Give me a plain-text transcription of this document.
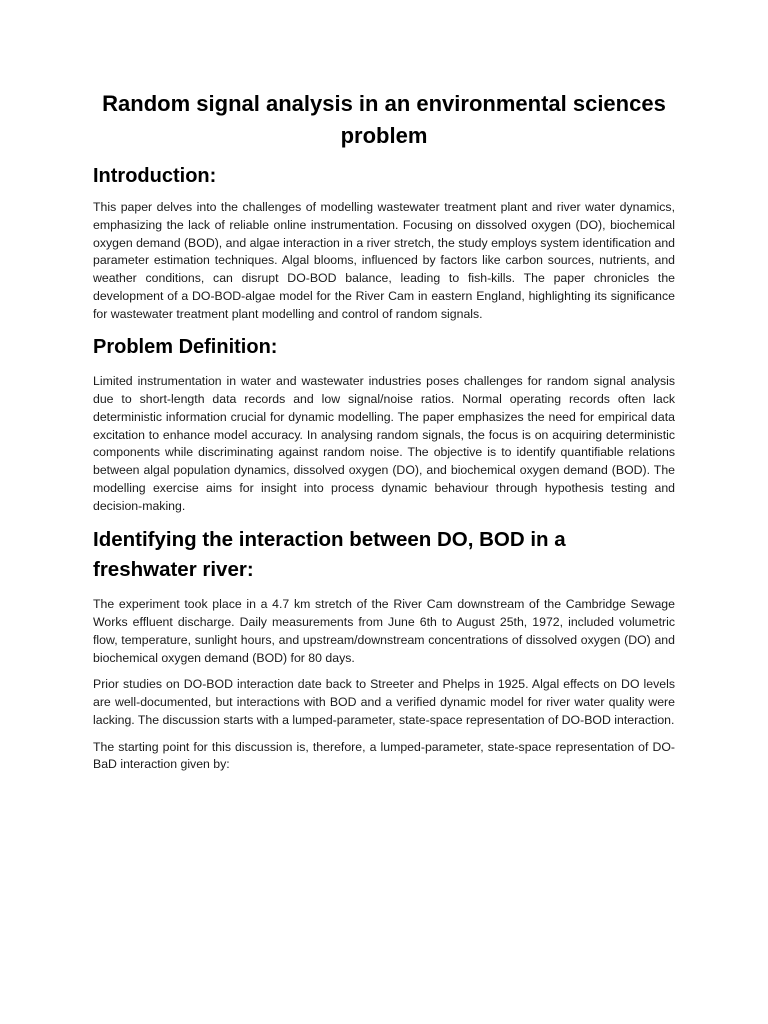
Random signal analysis in an environmental sciences problem
Introduction:

This paper delves into the challenges of modelling wastewater treatment plant and river water dynamics, emphasizing the lack of reliable online instrumentation. Focusing on dissolved oxygen (DO), biochemical oxygen demand (BOD), and algae interaction in a river stretch, the study employs system identification and parameter estimation techniques. Algal blooms, influenced by factors like carbon sources, nutrients, and weather conditions, can disrupt DO-BOD balance, leading to fish-kills. The paper chronicles the development of a DO-BOD-algae model for the River Cam in eastern England, highlighting its significance for wastewater treatment plant modelling and control of random signals.

Problem Definition:

Limited instrumentation in water and wastewater industries poses challenges for random signal analysis due to short-length data records and low signal/noise ratios. Normal operating records often lack deterministic information crucial for dynamic modelling. The paper emphasizes the need for empirical data excitation to enhance model accuracy. In analysing random signals, the focus is on acquiring deterministic components while discriminating against random noise. The objective is to identify quantifiable relations between algal population dynamics, dissolved oxygen (DO), and biochemical oxygen demand (BOD). The modelling exercise aims for insight into process dynamic behaviour through hypothesis testing and decision-making.

Identifying the interaction between DO, BOD in a freshwater river:

The experiment took place in a 4.7 km stretch of the River Cam downstream of the Cambridge Sewage Works effluent discharge. Daily measurements from June 6th to August 25th, 1972, included volumetric flow, temperature, sunlight hours, and upstream/downstream concentrations of dissolved oxygen (DO) and biochemical oxygen demand (BOD) for 80 days.

Prior studies on DO-BOD interaction date back to Streeter and Phelps in 1925. Algal effects on DO levels are well-documented, but interactions with BOD and a verified dynamic model for river water quality were lacking. The discussion starts with a lumped-parameter, state-space representation of DO-BOD interaction.

The starting point for this discussion is, therefore, a lumped-parameter, state-space representation of DO-BaD interaction given by:
